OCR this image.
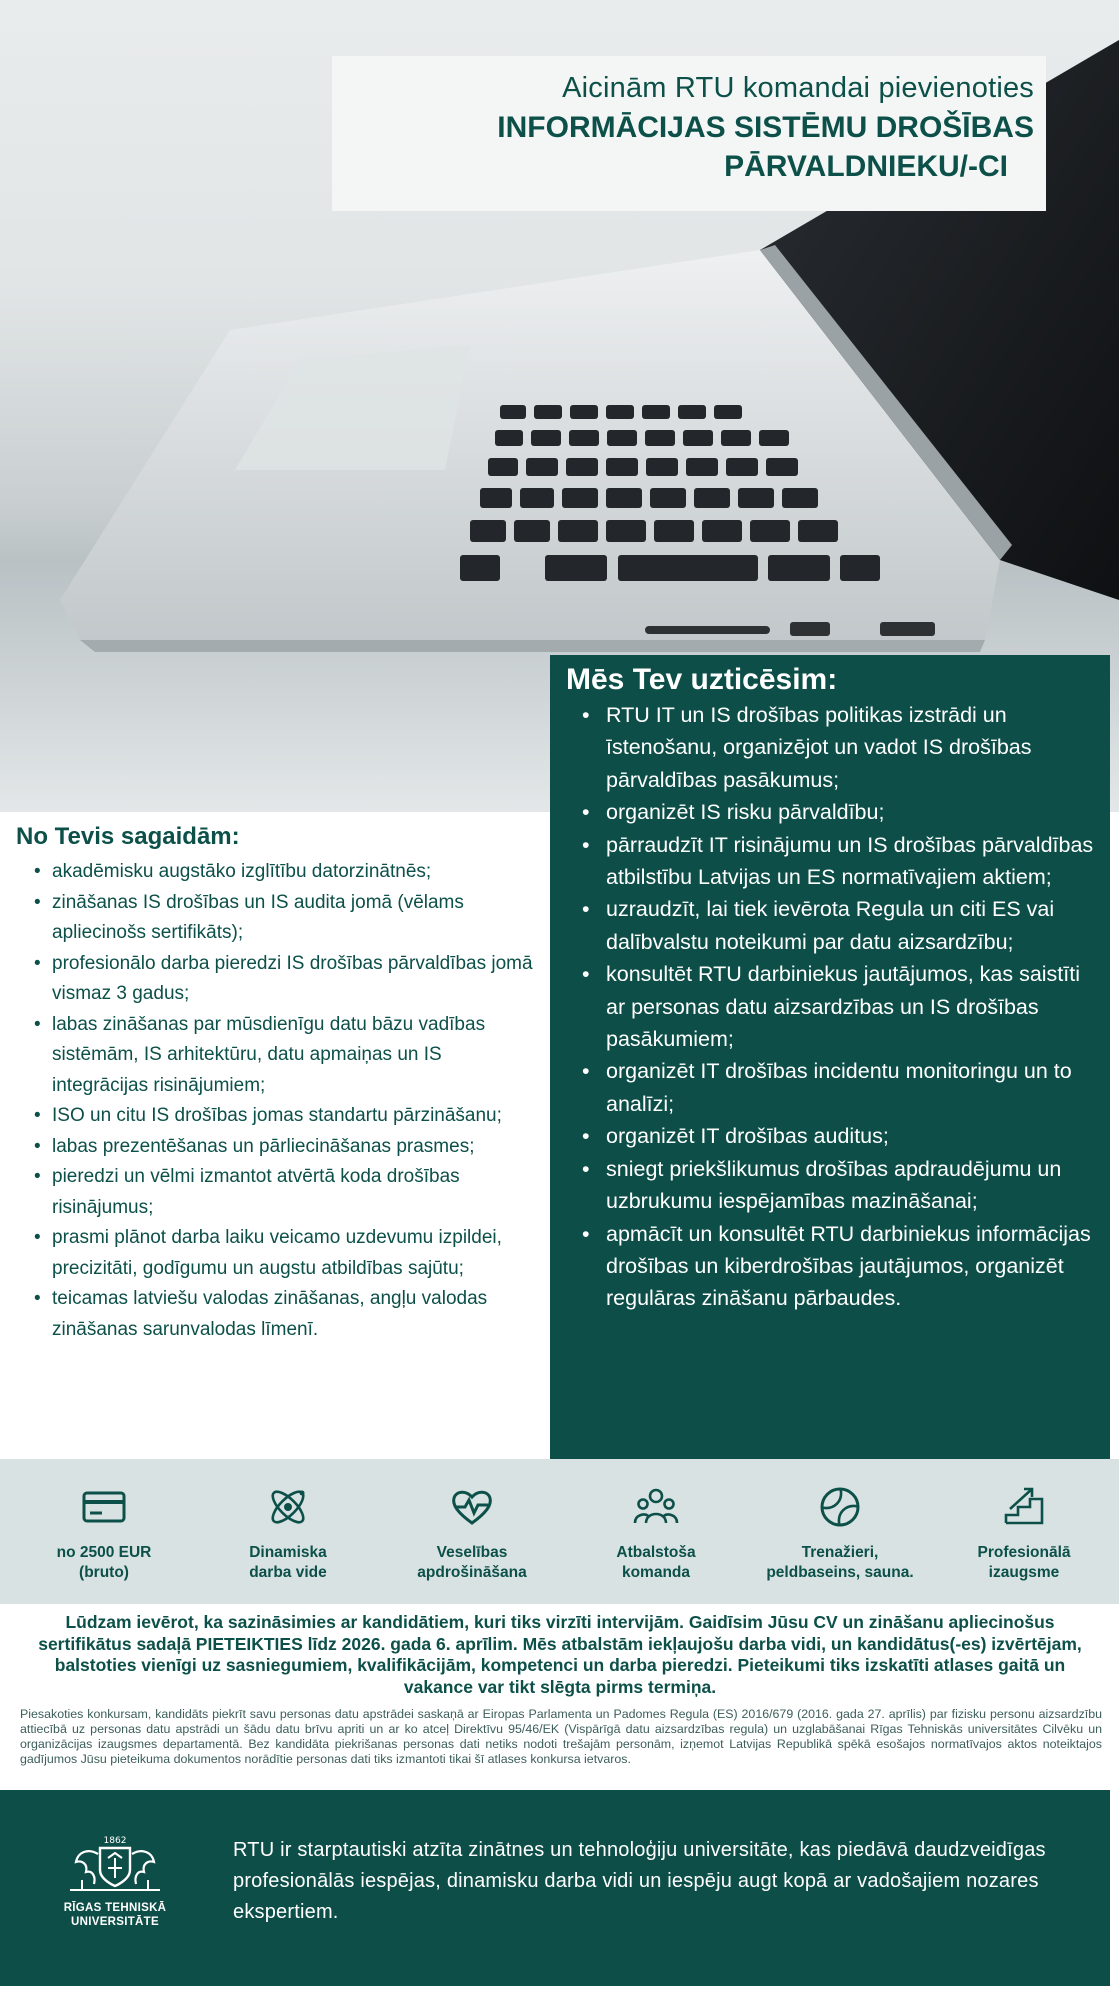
Aicinām RTU komandai pievienoties
INFORMĀCIJAS SISTĒMU DROŠĪBAS
PĀRVALDNIEKU/-CI
No Tevis sagaidām:
• akadēmisku augstāko izglītību datorzinātnēs;
• zināšanas IS drošības un IS audita jomā (vēlams apliecinošs sertifikāts);
• profesionālo darba pieredzi IS drošības pārvaldības jomā vismaz 3 gadus;
• labas zināšanas par mūsdienīgu datu bāzu vadības sistēmām, IS arhitektūru, datu apmaiņas un IS integrācijas risinājumiem;
• ISO un citu IS drošības jomas standartu pārzināšanu;
• labas prezentēšanas un pārliecināšanas prasmes;
• pieredzi un vēlmi izmantot atvērtā koda drošības risinājumus;
• prasmi plānot darba laiku veicamo uzdevumu izpildei, precizitāti, godīgumu un augstu atbildības sajūtu;
• teicamas latviešu valodas zināšanas, angļu valodas zināšanas sarunvalodas līmenī.
Mēs Tev uzticēsim:
• RTU IT un IS drošības politikas izstrādi un īstenošanu, organizējot un vadot IS drošības pārvaldības pasākumus;
• organizēt IS risku pārvaldību;
• pārraudzīt IT risinājumu un IS drošības pārvaldības atbilstību Latvijas un ES normatīvajiem aktiem;
• uzraudzīt, lai tiek ievērota Regula un citi ES vai dalībvalstu noteikumi par datu aizsardzību;
• konsultēt RTU darbiniekus jautājumos, kas saistīti ar personas datu aizsardzības un IS drošības pasākumiem;
• organizēt IT drošības incidentu monitoringu un to analīzi;
• organizēt IT drošības auditus;
• sniegt priekšlikumus drošības apdraudējumu un uzbrukumu iespējamības mazināšanai;
• apmācīt un konsultēt RTU darbiniekus informācijas drošības un kiberdrošības jautājumos, organizēt regulāras zināšanu pārbaudes.
no 2500 EUR
(bruto)
Dinamiska
darba vide
Veselības
apdrošināšana
Atbalstoša
komanda
Trenažieri,
peldbaseins, sauna.
Profesionālā
izaugsme
Lūdzam ievērot, ka sazināsimies ar kandidātiem, kuri tiks virzīti intervijām. Gaidīsim Jūsu CV un zināšanu apliecinošus sertifikātus sadaļā PIETEIKTIES līdz 2026. gada 6. aprīlim. Mēs atbalstām iekļaujošu darba vidi, un kandidātus(-es) izvērtējam, balstoties vienīgi uz sasniegumiem, kvalifikācijām, kompetenci un darba pieredzi. Pieteikumi tiks izskatīti atlases gaitā un vakance var tikt slēgta pirms termiņa.
Piesakoties konkursam, kandidāts piekrīt savu personas datu apstrādei saskaņā ar Eiropas Parlamenta un Padomes Regula (ES) 2016/679 (2016. gada 27. aprīlis) par fizisku personu aizsardzību attiecībā uz personas datu apstrādi un šādu datu brīvu apriti un ar ko atceļ Direktīvu 95/46/EK (Vispārīgā datu aizsardzības regula) un uzglabāšanai Rīgas Tehniskās universitātes Cilvēku un organizācijas izaugsmes departamentā. Bez kandidāta piekrišanas personas dati netiks nodoti trešajām personām, izņemot Latvijas Republikā spēkā esošajos normatīvajos aktos noteiktajos gadījumos Jūsu pieteikuma dokumentos norādītie personas dati tiks izmantoti tikai šī atlases konkursa ietvaros.
1862
RĪGAS TEHNISKĀ
UNIVERSITĀTE
RTU ir starptautiski atzīta zinātnes un tehnoloģiju universitāte, kas piedāvā daudzveidīgas profesionālās iespējas, dinamisku darba vidi un iespēju augt kopā ar vadošajiem nozares ekspertiem.
